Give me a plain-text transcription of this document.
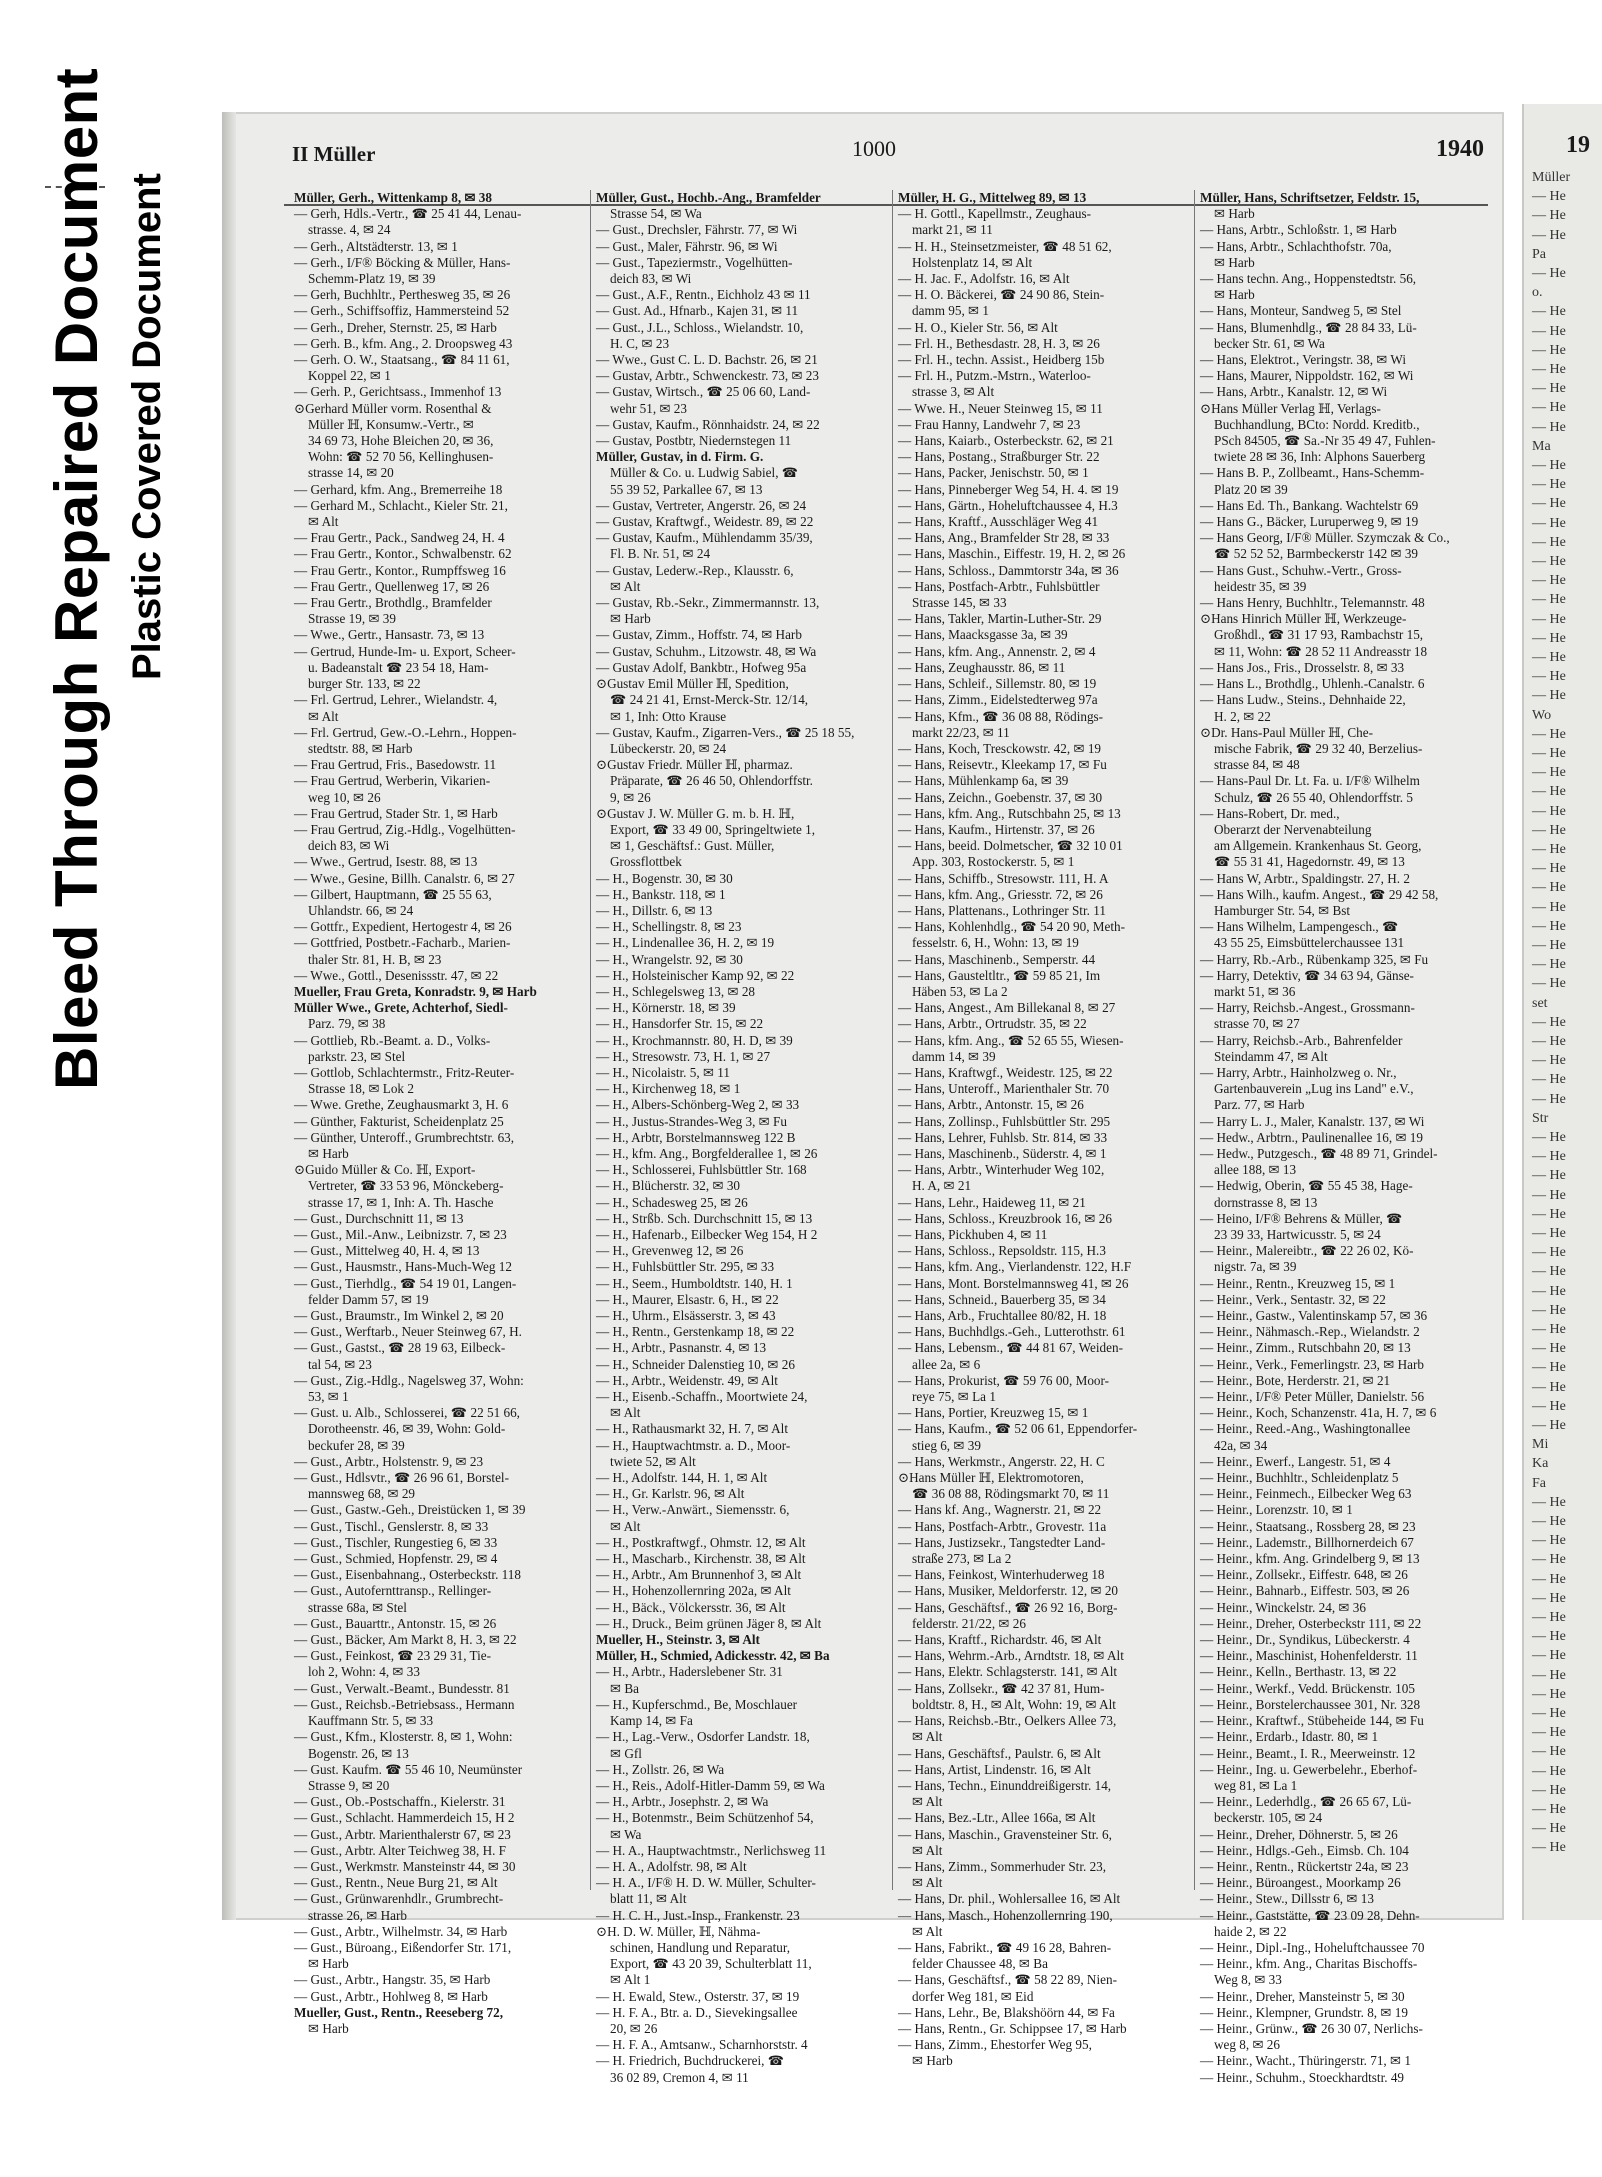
Bleed Through Repaired Document Plastic Covered Document
II Müller	1000	1940
Müller, Gerh., Wittenkamp 8, ✉ 38
— Gerh, Hdls.-Vertr., ☎ 25 41 44, Lenau-
strasse. 4, ✉ 24
— Gerh., Altstädterstr. 13, ✉ 1
— Gerh., I/F® Böcking & Müller, Hans-
Schemm-Platz 19, ✉ 39
— Gerh, Buchhltr., Perthesweg 35, ✉ 26
— Gerh., Schiffsoffiz, Hammersteind 52
— Gerh., Dreher, Sternstr. 25, ✉ Harb
— Gerh. B., kfm. Ang., 2. Droopsweg 43
— Gerh. O. W., Staatsang., ☎ 84 11 61,
Koppel 22, ✉ 1
— Gerh. P., Gerichtsass., Immenhof 13
⊙ Gerhard Müller vorm. Rosenthal &
Müller ℍ, Konsumw.-Vertr., ✉
34 69 73, Hohe Bleichen 20, ✉ 36,
Wohn: ☎ 52 70 56, Kellinghusen-
strasse 14, ✉ 20
— Gerhard, kfm. Ang., Bremerreihe 18
— Gerhard M., Schlacht., Kieler Str. 21,
✉ Alt
— Frau Gertr., Pack., Sandweg 24, H. 4
— Frau Gertr., Kontor., Schwalbenstr. 62
— Frau Gertr., Kontor., Rumpffsweg 16
— Frau Gertr., Quellenweg 17, ✉ 26
— Frau Gertr., Brothdlg., Bramfelder
Strasse 19, ✉ 39
— Wwe., Gertr., Hansastr. 73, ✉ 13
— Gertrud, Hunde-Im- u. Export, Scheer-
u. Badeanstalt ☎ 23 54 18, Ham-
burger Str. 133, ✉ 22
— Frl. Gertrud, Lehrer., Wielandstr. 4,
✉ Alt
— Frl. Gertrud, Gew.-O.-Lehrn., Hoppen-
stedtstr. 88, ✉ Harb
— Frau Gertrud, Fris., Basedowstr. 11
— Frau Gertrud, Werberin, Vikarien-
weg 10, ✉ 26
— Frau Gertrud, Stader Str. 1, ✉ Harb
— Frau Gertrud, Zig.-Hdlg., Vogelhütten-
deich 83, ✉ Wi
— Wwe., Gertrud, Isestr. 88, ✉ 13
— Wwe., Gesine, Billh. Canalstr. 6, ✉ 27
— Gilbert, Hauptmann, ☎ 25 55 63,
Uhlandstr. 66, ✉ 24
— Gottfr., Expedient, Hertogestr 4, ✉ 26
— Gottfried, Postbetr.-Facharb., Marien-
thaler Str. 81, H. B, ✉ 23
— Wwe., Gottl., Desenissstr. 47, ✉ 22
Mueller, Frau Greta, Konradstr. 9, ✉ Harb
Müller Wwe., Grete, Achterhof, Siedl-
Parz. 79, ✉ 38
— Gottlieb, Rb.-Beamt. a. D., Volks-
parkstr. 23, ✉ Stel
— Gottlob, Schlachtermstr., Fritz-Reuter-
Strasse 18, ✉ Lok 2
— Wwe. Grethe, Zeughausmarkt 3, H. 6
— Günther, Fakturist, Scheidenplatz 25
— Günther, Unteroff., Grumbrechtstr. 63,
✉ Harb
⊙ Guido Müller & Co. ℍ, Export-
Vertreter, ☎ 33 53 96, Mönckeberg-
strasse 17, ✉ 1, Inh: A. Th. Hasche
— Gust., Durchschnitt 11, ✉ 13
— Gust., Mil.-Anw., Leibnizstr. 7, ✉ 23
— Gust., Mittelweg 40, H. 4, ✉ 13
— Gust., Hausmstr., Hans-Much-Weg 12
— Gust., Tierhdlg., ☎ 54 19 01, Langen-
felder Damm 57, ✉ 19
— Gust., Braumstr., Im Winkel 2, ✉ 20
— Gust., Werftarb., Neuer Steinweg 67, H.
— Gust., Gastst., ☎ 28 19 63, Eilbeck-
tal 54, ✉ 23
— Gust., Zig.-Hdlg., Nagelsweg 37, Wohn:
53, ✉ 1
— Gust. u. Alb., Schlosserei, ☎ 22 51 66,
Dorotheenstr. 46, ✉ 39, Wohn: Gold-
beckufer 28, ✉ 39
— Gust., Arbtr., Holstenstr. 9, ✉ 23
— Gust., Hdlsvtr., ☎ 26 96 61, Borstel-
mannsweg 68, ✉ 29
— Gust., Gastw.-Geh., Dreistücken 1, ✉ 39
— Gust., Tischl., Genslerstr. 8, ✉ 33
— Gust., Tischler, Rungestieg 6, ✉ 33
— Gust., Schmied, Hopfenstr. 29, ✉ 4
— Gust., Eisenbahnang., Osterbeckstr. 118
— Gust., Autofernttransp., Rellinger-
strasse 68a, ✉ Stel
— Gust., Bauarttr., Antonstr. 15, ✉ 26
— Gust., Bäcker, Am Markt 8, H. 3, ✉ 22
— Gust., Feinkost, ☎ 23 29 31, Tie-
loh 2, Wohn: 4, ✉ 33
— Gust., Verwalt.-Beamt., Bundesstr. 81
— Gust., Reichsb.-Betriebsass., Hermann
Kauffmann Str. 5, ✉ 33
— Gust., Kfm., Klosterstr. 8, ✉ 1, Wohn:
Bogenstr. 26, ✉ 13
— Gust. Kaufm. ☎ 55 46 10, Neumünster
Strasse 9, ✉ 20
— Gust., Ob.-Postschaffn., Kielerstr. 31
— Gust., Schlacht. Hammerdeich 15, H 2
— Gust., Arbtr. Marienthalerstr 67, ✉ 23
— Gust., Arbtr. Alter Teichweg 38, H. F
— Gust., Werkmstr. Mansteinstr 44, ✉ 30
— Gust., Rentn., Neue Burg 21, ✉ Alt
— Gust., Grünwarenhdlr., Grumbrecht-
strasse 26, ✉ Harb
— Gust., Arbtr., Wilhelmstr. 34, ✉ Harb
— Gust., Büroang., Eißendorfer Str. 171,
✉ Harb
— Gust., Arbtr., Hangstr. 35, ✉ Harb
— Gust., Arbtr., Hohlweg 8, ✉ Harb
Mueller, Gust., Rentn., Reeseberg 72,
✉ Harb
Müller, Gust., Hochb.-Ang., Bramfelder
Strasse 54, ✉ Wa
— Gust., Drechsler, Fährstr. 77, ✉ Wi
— Gust., Maler, Fährstr. 96, ✉ Wi
— Gust., Tapeziermstr., Vogelhütten-
deich 83, ✉ Wi
— Gust., A.F., Rentn., Eichholz 43 ✉ 11
— Gust. Ad., Hfnarb., Kajen 31, ✉ 11
— Gust., J.L., Schloss., Wielandstr. 10,
H. C, ✉ 23
— Wwe., Gust C. L. D. Bachstr. 26, ✉ 21
— Gustav, Arbtr., Schwenckestr. 73, ✉ 23
— Gustav, Wirtsch., ☎ 25 06 60, Land-
wehr 51, ✉ 23
— Gustav, Kaufm., Rönnhaidstr. 24, ✉ 22
— Gustav, Postbtr, Niedernstegen 11
Müller, Gustav, in d. Firm. G.
Müller & Co. u. Ludwig Sabiel, ☎
55 39 52, Parkallee 67, ✉ 13
— Gustav, Vertreter, Angerstr. 26, ✉ 24
— Gustav, Kraftwgf., Weidestr. 89, ✉ 22
— Gustav, Kaufm., Mühlendamm 35/39,
Fl. B. Nr. 51, ✉ 24
— Gustav, Lederw.-Rep., Klausstr. 6,
✉ Alt
— Gustav, Rb.-Sekr., Zimmermannstr. 13,
✉ Harb
— Gustav, Zimm., Hoffstr. 74, ✉ Harb
— Gustav, Schuhm., Litzowstr. 48, ✉ Wa
— Gustav Adolf, Bankbtr., Hofweg 95a
⊙ Gustav Emil Müller ℍ, Spedition,
☎ 24 21 41, Ernst-Merck-Str. 12/14,
✉ 1, Inh: Otto Krause
— Gustav, Kaufm., Zigarren-Vers., ☎ 25 18 55,
Lübeckerstr. 20, ✉ 24
⊙ Gustav Friedr. Müller ℍ, pharmaz.
Präparate, ☎ 26 46 50, Ohlendorffstr.
9, ✉ 26
⊙ Gustav J. W. Müller G. m. b. H. ℍ,
Export, ☎ 33 49 00, Springeltwiete 1,
✉ 1, Geschäftsf.: Gust. Müller,
Grossflottbek
— H., Bogenstr. 30, ✉ 30
— H., Bankstr. 118, ✉ 1
— H., Dillstr. 6, ✉ 13
— H., Schellingstr. 8, ✉ 23
— H., Lindenallee 36, H. 2, ✉ 19
— H., Wrangelstr. 92, ✉ 30
— H., Holsteinischer Kamp 92, ✉ 22
— H., Schlegelsweg 13, ✉ 28
— H., Körnerstr. 18, ✉ 39
— H., Hansdorfer Str. 15, ✉ 22
— H., Krochmannstr. 80, H. D, ✉ 39
— H., Stresowstr. 73, H. 1, ✉ 27
— H., Nicolaistr. 5, ✉ 11
— H., Kirchenweg 18, ✉ 1
— H., Albers-Schönberg-Weg 2, ✉ 33
— H., Justus-Strandes-Weg 3, ✉ Fu
— H., Arbtr, Borstelmannsweg 122 B
— H., kfm. Ang., Borgfelderallee 1, ✉ 26
— H., Schlosserei, Fuhlsbüttler Str. 168
— H., Blücherstr. 32, ✉ 30
— H., Schadesweg 25, ✉ 26
— H., Strßb. Sch. Durchschnitt 15, ✉ 13
— H., Hafenarb., Eilbecker Weg 154, H 2
— H., Grevenweg 12, ✉ 26
— H., Fuhlsbüttler Str. 295, ✉ 33
— H., Seem., Humboldtstr. 140, H. 1
— H., Maurer, Elsastr. 6, H., ✉ 22
— H., Uhrm., Elsässerstr. 3, ✉ 43
— H., Rentn., Gerstenkamp 18, ✉ 22
— H., Arbtr., Pasnanstr. 4, ✉ 13
— H., Schneider Dalenstieg 10, ✉ 26
— H., Arbtr., Weidenstr. 49, ✉ Alt
— H., Eisenb.-Schaffn., Moortwiete 24,
✉ Alt
— H., Rathausmarkt 32, H. 7, ✉ Alt
— H., Hauptwachtmstr. a. D., Moor-
twiete 52, ✉ Alt
— H., Adolfstr. 144, H. 1, ✉ Alt
— H., Gr. Karlstr. 96, ✉ Alt
— H., Verw.-Anwärt., Siemensstr. 6,
✉ Alt
— H., Postkraftwgf., Ohmstr. 12, ✉ Alt
— H., Mascharb., Kirchenstr. 38, ✉ Alt
— H., Arbtr., Am Brunnenhof 3, ✉ Alt
— H., Hohenzollernring 202a, ✉ Alt
— H., Bäck., Völckersstr. 36, ✉ Alt
— H., Druck., Beim grünen Jäger 8, ✉ Alt
Mueller, H., Steinstr. 3, ✉ Alt
Müller, H., Schmied, Adickesstr. 42, ✉ Ba
— H., Arbtr., Haderslebener Str. 31
✉ Ba
— H., Kupferschmd., Be, Moschlauer
Kamp 14, ✉ Fa
— H., Lag.-Verw., Osdorfer Landstr. 18,
✉ Gfl
— H., Zollstr. 26, ✉ Wa
— H., Reis., Adolf-Hitler-Damm 59, ✉ Wa
— H., Arbtr., Josephstr. 2, ✉ Wa
— H., Botenmstr., Beim Schützenhof 54,
✉ Wa
— H. A., Hauptwachtmstr., Nerlichsweg 11
— H. A., Adolfstr. 98, ✉ Alt
— H. A., I/F® H. D. W. Müller, Schulter-
blatt 11, ✉ Alt
— H. C. H., Just.-Insp., Frankenstr. 23
⊙ H. D. W. Müller, ℍ, Nähma-
schinen, Handlung und Reparatur,
Export, ☎ 43 20 39, Schulterblatt 11,
✉ Alt 1
— H. Ewald, Stew., Osterstr. 37, ✉ 19
— H. F. A., Btr. a. D., Sievekingsallee
20, ✉ 26
— H. F. A., Amtsanw., Scharnhorststr. 4
— H. Friedrich, Buchdruckerei, ☎
36 02 89, Cremon 4, ✉ 11
Müller, H. G., Mittelweg 89, ✉ 13
— H. Gottl., Kapellmstr., Zeughaus-
markt 21, ✉ 11
— H. H., Steinsetzmeister, ☎ 48 51 62,
Holstenplatz 14, ✉ Alt
— H. Jac. F., Adolfstr. 16, ✉ Alt
— H. O. Bäckerei, ☎ 24 90 86, Stein-
damm 95, ✉ 1
— H. O., Kieler Str. 56, ✉ Alt
— Frl. H., Bethesdastr. 28, H. 3, ✉ 26
— Frl. H., techn. Assist., Heidberg 15b
— Frl. H., Putzm.-Mstrn., Waterloo-
strasse 3, ✉ Alt
— Wwe. H., Neuer Steinweg 15, ✉ 11
— Frau Hanny, Landwehr 7, ✉ 23
— Hans, Kaiarb., Osterbeckstr. 62, ✉ 21
— Hans, Postang., Straßburger Str. 22
— Hans, Packer, Jenischstr. 50, ✉ 1
— Hans, Pinneberger Weg 54, H. 4. ✉ 19
— Hans, Gärtn., Hoheluftchaussee 4, H.3
— Hans, Kraftf., Ausschläger Weg 41
— Hans, Ang., Bramfelder Str 28, ✉ 33
— Hans, Maschin., Eiffestr. 19, H. 2, ✉ 26
— Hans, Schloss., Dammtorstr 34a, ✉ 36
— Hans, Postfach-Arbtr., Fuhlsbüttler
Strasse 145, ✉ 33
— Hans, Takler, Martin-Luther-Str. 29
— Hans, Maacksgasse 3a, ✉ 39
— Hans, kfm. Ang., Annenstr. 2, ✉ 4
— Hans, Zeughausstr. 86, ✉ 11
— Hans, Schleif., Sillemstr. 80, ✉ 19
— Hans, Zimm., Eidelstedterweg 97a
— Hans, Kfm., ☎ 36 08 88, Rödings-
markt 22/23, ✉ 11
— Hans, Koch, Tresckowstr. 42, ✉ 19
— Hans, Reisevtr., Kleekamp 17, ✉ Fu
— Hans, Mühlenkamp 6a, ✉ 39
— Hans, Zeichn., Goebenstr. 37, ✉ 30
— Hans, kfm. Ang., Rutschbahn 25, ✉ 13
— Hans, Kaufm., Hirtenstr. 37, ✉ 26
— Hans, beeid. Dolmetscher, ☎ 32 10 01
App. 303, Rostockerstr. 5, ✉ 1
— Hans, Schiffb., Stresowstr. 111, H. A
— Hans, kfm. Ang., Griesstr. 72, ✉ 26
— Hans, Plattenans., Lothringer Str. 11
— Hans, Kohlenhdlg., ☎ 54 20 90, Meth-
fesselstr. 6, H., Wohn: 13, ✉ 19
— Hans, Maschinenb., Semperstr. 44
— Hans, Gausteltltr., ☎ 59 85 21, Im
Häben 53, ✉ La 2
— Hans, Angest., Am Billekanal 8, ✉ 27
— Hans, Arbtr., Ortrudstr. 35, ✉ 22
— Hans, kfm. Ang., ☎ 52 65 55, Wiesen-
damm 14, ✉ 39
— Hans, Kraftwgf., Weidestr. 125, ✉ 22
— Hans, Unteroff., Marienthaler Str. 70
— Hans, Arbtr., Antonstr. 15, ✉ 26
— Hans, Zollinsp., Fuhlsbüttler Str. 295
— Hans, Lehrer, Fuhlsb. Str. 814, ✉ 33
— Hans, Maschinenb., Süderstr. 4, ✉ 1
— Hans, Arbtr., Winterhuder Weg 102,
H. A, ✉ 21
— Hans, Lehr., Haideweg 11, ✉ 21
— Hans, Schloss., Kreuzbrook 16, ✉ 26
— Hans, Pickhuben 4, ✉ 11
— Hans, Schloss., Repsoldstr. 115, H.3
— Hans, kfm. Ang., Vierlandenstr. 122, H.F
— Hans, Mont. Borstelmannsweg 41, ✉ 26
— Hans, Schneid., Bauerberg 35, ✉ 34
— Hans, Arb., Fruchtallee 80/82, H. 18
— Hans, Buchhdlgs.-Geh., Lutterothstr. 61
— Hans, Lebensm., ☎ 44 81 67, Weiden-
allee 2a, ✉ 6
— Hans, Prokurist, ☎ 59 76 00, Moor-
reye 75, ✉ La 1
— Hans, Portier, Kreuzweg 15, ✉ 1
— Hans, Kaufm., ☎ 52 06 61, Eppendorfer-
stieg 6, ✉ 39
— Hans, Werkmstr., Angerstr. 22, H. C
⊙ Hans Müller ℍ, Elektromotoren,
☎ 36 08 88, Rödingsmarkt 70, ✉ 11
— Hans kf. Ang., Wagnerstr. 21, ✉ 22
— Hans, Postfach-Arbtr., Grovestr. 11a
— Hans, Justizsekr., Tangstedter Land-
straße 273, ✉ La 2
— Hans, Feinkost, Winterhuderweg 18
— Hans, Musiker, Meldorferstr. 12, ✉ 20
— Hans, Geschäftsf., ☎ 26 92 16, Borg-
felderstr. 21/22, ✉ 26
— Hans, Kraftf., Richardstr. 46, ✉ Alt
— Hans, Wehrm.-Arb., Arndtstr. 18, ✉ Alt
— Hans, Elektr. Schlagsterstr. 141, ✉ Alt
— Hans, Zollsekr., ☎ 42 37 81, Hum-
boldtstr. 8, H., ✉ Alt, Wohn: 19, ✉ Alt
— Hans, Reichsb.-Btr., Oelkers Allee 73,
✉ Alt
— Hans, Geschäftsf., Paulstr. 6, ✉ Alt
— Hans, Artist, Lindenstr. 16, ✉ Alt
— Hans, Techn., Einunddreißigerstr. 14,
✉ Alt
— Hans, Bez.-Ltr., Allee 166a, ✉ Alt
— Hans, Maschin., Gravensteiner Str. 6,
✉ Alt
— Hans, Zimm., Sommerhuder Str. 23,
✉ Alt
— Hans, Dr. phil., Wohlersallee 16, ✉ Alt
— Hans, Masch., Hohenzollernring 190,
✉ Alt
— Hans, Fabrikt., ☎ 49 16 28, Bahren-
felder Chaussee 48, ✉ Ba
— Hans, Geschäftsf., ☎ 58 22 89, Nien-
dorfer Weg 181, ✉ Eid
— Hans, Lehr., Be, Blakshöörn 44, ✉ Fa
— Hans, Rentn., Gr. Schippsee 17, ✉ Harb
— Hans, Zimm., Ehestorfer Weg 95,
✉ Harb
Müller, Hans, Schriftsetzer, Feldstr. 15,
✉ Harb
— Hans, Arbtr., Schloßstr. 1, ✉ Harb
— Hans, Arbtr., Schlachthofstr. 70a,
✉ Harb
— Hans techn. Ang., Hoppenstedtstr. 56,
✉ Harb
— Hans, Monteur, Sandweg 5, ✉ Stel
— Hans, Blumenhdlg., ☎ 28 84 33, Lü-
becker Str. 61, ✉ Wa
— Hans, Elektrot., Veringstr. 38, ✉ Wi
— Hans, Maurer, Nippoldstr. 162, ✉ Wi
— Hans, Arbtr., Kanalstr. 12, ✉ Wi
⊙ Hans Müller Verlag ℍ, Verlags-
Buchhandlung, BCto: Nordd. Kreditb.,
PSch 84505, ☎ Sa.-Nr 35 49 47, Fuhlen-
twiete 28 ✉ 36, Inh: Alphons Sauerberg
— Hans B. P., Zollbeamt., Hans-Schemm-
Platz 20 ✉ 39
— Hans Ed. Th., Bankang. Wachtelstr 69
— Hans G., Bäcker, Luruperweg 9, ✉ 19
— Hans Georg, I/F® Müller. Szymczak & Co.,
☎ 52 52 52, Barmbeckerstr 142 ✉ 39
— Hans Gust., Schuhw.-Vertr., Gross-
heidestr 35, ✉ 39
— Hans Henry, Buchhltr., Telemannstr. 48
⊙ Hans Hinrich Müller ℍ, Werkzeuge-
Großhdl., ☎ 31 17 93, Rambachstr 15,
✉ 11, Wohn: ☎ 28 52 11 Andreasstr 18
— Hans Jos., Fris., Drosselstr. 8, ✉ 33
— Hans L., Brothdlg., Uhlenh.-Canalstr. 6
— Hans Ludw., Steins., Dehnhaide 22,
H. 2, ✉ 22
⊙ Dr. Hans-Paul Müller ℍ, Che-
mische Fabrik, ☎ 29 32 40, Berzelius-
strasse 84, ✉ 48
— Hans-Paul Dr. Lt. Fa. u. I/F® Wilhelm
Schulz, ☎ 26 55 40, Ohlendorffstr. 5
— Hans-Robert, Dr. med.,
Oberarzt der Nervenabteilung
am Allgemein. Krankenhaus St. Georg,
☎ 55 31 41, Hagedornstr. 49, ✉ 13
— Hans W, Arbtr., Spaldingstr. 27, H. 2
— Hans Wilh., kaufm. Angest., ☎ 29 42 58,
Hamburger Str. 54, ✉ Bst
— Hans Wilhelm, Lampengesch., ☎
43 55 25, Eimsbüttelerchaussee 131
— Harry, Rb.-Arb., Rübenkamp 325, ✉ Fu
— Harry, Detektiv, ☎ 34 63 94, Gänse-
markt 51, ✉ 36
— Harry, Reichsb.-Angest., Grossmann-
strasse 70, ✉ 27
— Harry, Reichsb.-Arb., Bahrenfelder
Steindamm 47, ✉ Alt
— Harry, Arbtr., Hainholzweg o. Nr.,
Gartenbauverein „Lug ins Land" e.V.,
Parz. 77, ✉ Harb
— Harry L. J., Maler, Kanalstr. 137, ✉ Wi
— Hedw., Arbtrn., Paulinenallee 16, ✉ 19
— Hedw., Putzgesch., ☎ 48 89 71, Grindel-
allee 188, ✉ 13
— Hedwig, Oberin, ☎ 55 45 38, Hage-
dornstrasse 8, ✉ 13
— Heino, I/F® Behrens & Müller, ☎
23 39 33, Hartwicusstr. 5, ✉ 24
— Heinr., Malereibtr., ☎ 22 26 02, Kö-
nigstr. 7a, ✉ 39
— Heinr., Rentn., Kreuzweg 15, ✉ 1
— Heinr., Verk., Sentastr. 32, ✉ 22
— Heinr., Gastw., Valentinskamp 57, ✉ 36
— Heinr., Nähmasch.-Rep., Wielandstr. 2
— Heinr., Zimm., Rutschbahn 20, ✉ 13
— Heinr., Verk., Femerlingstr. 23, ✉ Harb
— Heinr., Bote, Herderstr. 21, ✉ 21
— Heinr., I/F® Peter Müller, Danielstr. 56
— Heinr., Koch, Schanzenstr. 41a, H. 7, ✉ 6
— Heinr., Reed.-Ang., Washingtonallee
42a, ✉ 34
— Heinr., Ewerf., Langestr. 51, ✉ 4
— Heinr., Buchhltr., Schleidenplatz 5
— Heinr., Feinmech., Eilbecker Weg 63
— Heinr., Lorenzstr. 10, ✉ 1
— Heinr., Staatsang., Rossberg 28, ✉ 23
— Heinr., Lademstr., Billhornerdeich 67
— Heinr., kfm. Ang. Grindelberg 9, ✉ 13
— Heinr., Zollsekr., Eiffestr. 648, ✉ 26
— Heinr., Bahnarb., Eiffestr. 503, ✉ 26
— Heinr., Winckelstr. 24, ✉ 36
— Heinr., Dreher, Osterbeckstr 111, ✉ 22
— Heinr., Dr., Syndikus, Lübeckerstr. 4
— Heinr., Maschinist, Hohenfelderstr. 11
— Heinr., Kelln., Berthastr. 13, ✉ 22
— Heinr., Werkf., Vedd. Brückenstr. 105
— Heinr., Borstelerchaussee 301, Nr. 328
— Heinr., Kraftwf., Stübeheide 144, ✉ Fu
— Heinr., Erdarb., Idastr. 80, ✉ 1
— Heinr., Beamt., I. R., Meerweinstr. 12
— Heinr., Ing. u. Gewerbelehr., Eberhof-
weg 81, ✉ La 1
— Heinr., Lederhdlg., ☎ 26 65 67, Lü-
beckerstr. 105, ✉ 24
— Heinr., Dreher, Döhnerstr. 5, ✉ 26
— Heinr., Hdlgs.-Geh., Eimsb. Ch. 104
— Heinr., Rentn., Rückertstr 24a, ✉ 23
— Heinr., Büroangest., Moorkamp 26
— Heinr., Stew., Dillsstr 6, ✉ 13
— Heinr., Gaststätte, ☎ 23 09 28, Dehn-
haide 2, ✉ 22
— Heinr., Dipl.-Ing., Hoheluftchaussee 70
— Heinr., kfm. Ang., Charitas Bischoffs-
Weg 8, ✉ 33
— Heinr., Dreher, Mansteinstr 5, ✉ 30
— Heinr., Klempner, Grundstr. 8, ✉ 19
— Heinr., Grünw., ☎ 26 30 07, Nerlichs-
weg 8, ✉ 26
— Heinr., Wacht., Thüringerstr. 71, ✉ 1
— Heinr., Schuhm., Stoeckhardtstr. 49
19
Müller
— He
— He
— He
Pa
— He
o.
— He
— He
— He
— He
— He
— He
— He
Ma
— He
— He
— He
— He
— He
— He
— He
— He
— He
— He
— He
— He
— He
Wo
— He
— He
— He
— He
— He
— He
— He
— He
— He
— He
— He
— He
— He
— He
set
— He
— He
— He
— He
— He
Str
— He
— He
— He
— He
— He
— He
— He
— He
— He
— He
— He
— He
— He
— He
— He
— He
Mi
Ka
Fa
— He
— He
— He
— He
— He
— He
— He
— He
— He
— He
— He
— He
— He
— He
— He
— He
— He
— He
— He
